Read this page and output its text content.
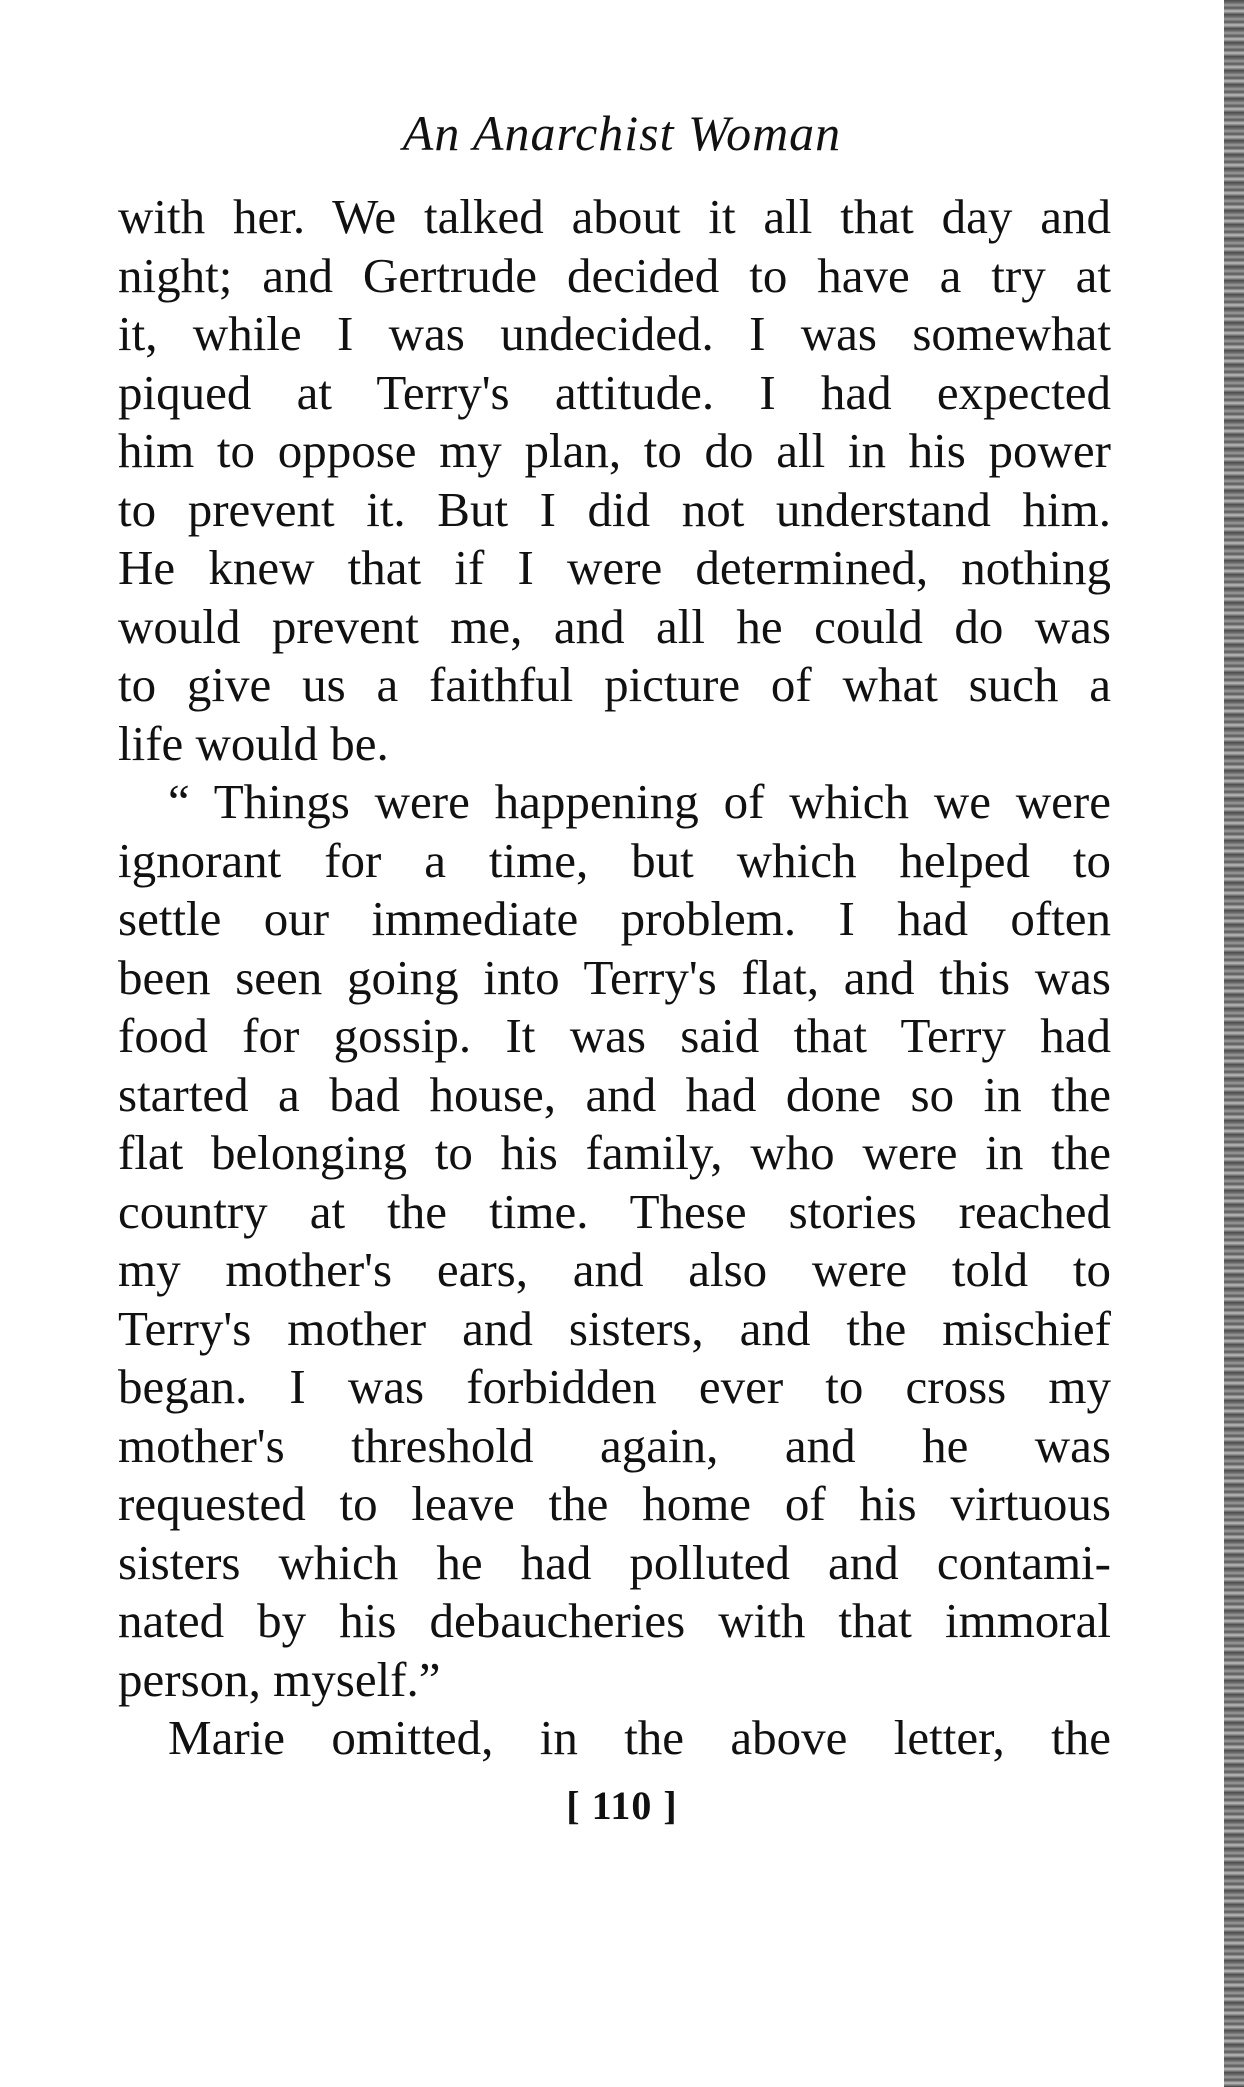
An Anarchist Woman
with her. We talked about it all that day and
night; and Gertrude decided to have a try at
it, while I was undecided. I was somewhat
piqued at Terry's attitude. I had expected
him to oppose my plan, to do all in his power
to prevent it. But I did not understand him.
He knew that if I were determined, nothing
would prevent me, and all he could do was
to give us a faithful picture of what such a
life would be.
“ Things were happening of which we were
ignorant for a time, but which helped to
settle our immediate problem. I had often
been seen going into Terry's flat, and this was
food for gossip. It was said that Terry had
started a bad house, and had done so in the
flat belonging to his family, who were in the
country at the time. These stories reached
my mother's ears, and also were told to
Terry's mother and sisters, and the mischief
began. I was forbidden ever to cross my
mother's threshold again, and he was
requested to leave the home of his virtuous
sisters which he had polluted and contami-
nated by his debaucheries with that immoral
person, myself.”
Marie omitted, in the above letter, the
[ 110 ]
